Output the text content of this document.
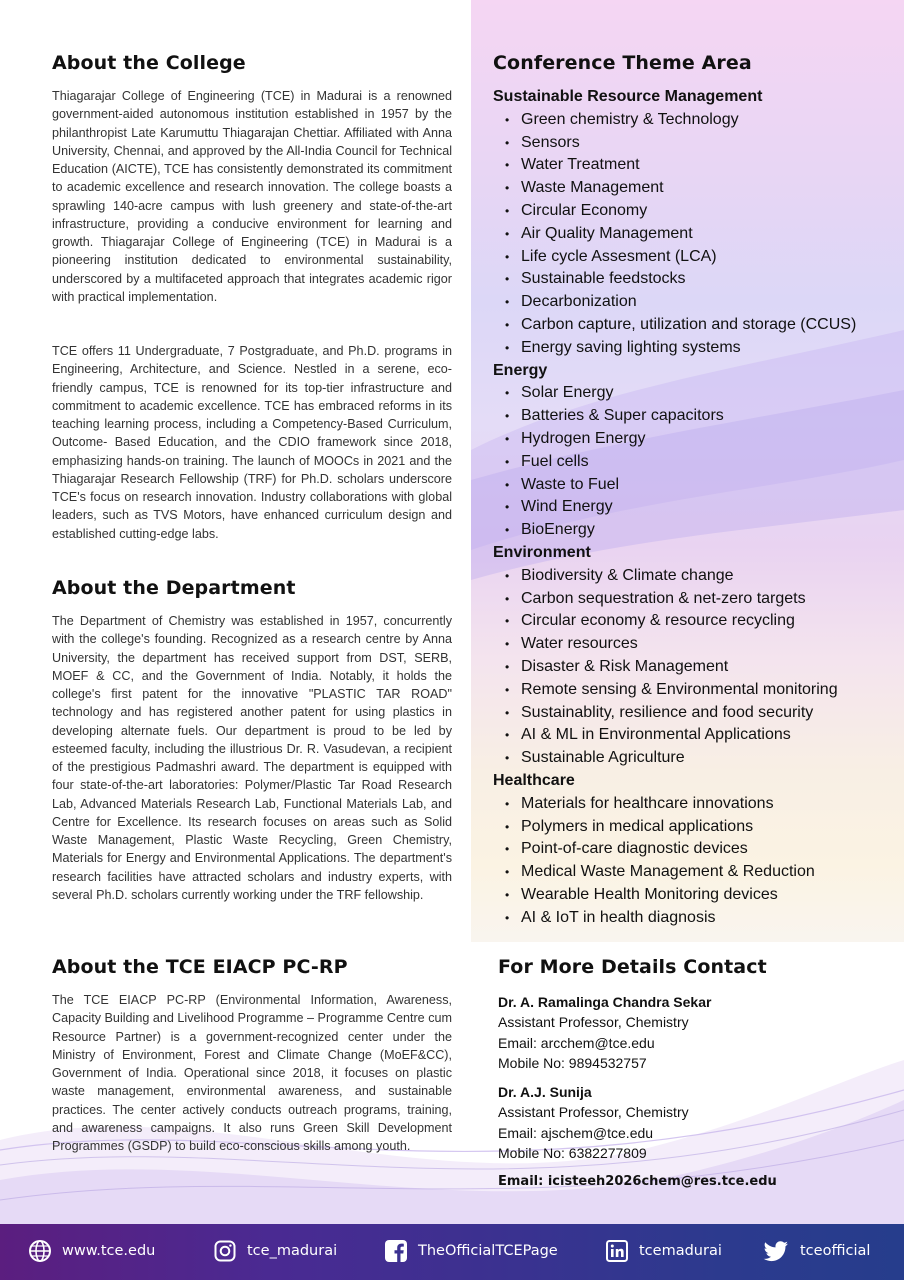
About the College

Thiagarajar College of Engineering (TCE) in Madurai is a renowned government-aided autonomous institution established in 1957 by the philanthropist Late Karumuttu Thiagarajan Chettiar. Affiliated with Anna University, Chennai, and approved by the All-India Council for Technical Education (AICTE), TCE has consistently demonstrated its commitment to academic excellence and research innovation. The college boasts a sprawling 140-acre campus with lush greenery and state-of-the-art infrastructure, providing a conducive environment for learning and growth. Thiagarajar College of Engineering (TCE) in Madurai is a pioneering institution dedicated to environmental sustainability, underscored by a multifaceted approach that integrates academic rigor with practical implementation.

TCE offers 11 Undergraduate, 7 Postgraduate, and Ph.D. programs in Engineering, Architecture, and Science. Nestled in a serene, eco-friendly campus, TCE is renowned for its top-tier infrastructure and commitment to academic excellence. TCE has embraced reforms in its teaching learning process, including a Competency-Based Curriculum, Outcome- Based Education, and the CDIO framework since 2018, emphasizing hands-on training. The launch of MOOCs in 2021 and the Thiagarajar Research Fellowship (TRF) for Ph.D. scholars underscore TCE's focus on research innovation. Industry collaborations with global leaders, such as TVS Motors, have enhanced curriculum design and established cutting-edge labs.

About the Department

The Department of Chemistry was established in 1957, concurrently with the college's founding. Recognized as a research centre by Anna University, the department has received support from DST, SERB, MOEF & CC, and the Government of India. Notably, it holds the college's first patent for the innovative "PLASTIC TAR ROAD" technology and has registered another patent for using plastics in developing alternate fuels. Our department is proud to be led by esteemed faculty, including the illustrious Dr. R. Vasudevan, a recipient of the prestigious Padmashri award. The department is equipped with four state-of-the-art laboratories: Polymer/Plastic Tar Road Research Lab, Advanced Materials Research Lab, Functional Materials Lab, and Centre for Excellence. Its research focuses on areas such as Solid Waste Management, Plastic Waste Recycling, Green Chemistry, Materials for Energy and Environmental Applications. The department's research facilities have attracted scholars and industry experts, with several Ph.D. scholars currently working under the TRF fellowship.

About the TCE EIACP PC-RP

The TCE EIACP PC-RP (Environmental Information, Awareness, Capacity Building and Livelihood Programme – Programme Centre cum Resource Partner) is a government-recognized center under the Ministry of Environment, Forest and Climate Change (MoEF&CC), Government of India. Operational since 2018, it focuses on plastic waste management, environmental awareness, and sustainable practices. The center actively conducts outreach programs, training, and awareness campaigns. It also runs Green Skill Development Programmes (GSDP) to build eco-conscious skills among youth.

Conference Theme Area
Sustainable Resource Management
• Green chemistry & Technology
• Sensors
• Water Treatment
• Waste Management
• Circular Economy
• Air Quality Management
• Life cycle Assesment (LCA)
• Sustainable feedstocks
• Decarbonization
• Carbon capture, utilization and storage (CCUS)
• Energy saving lighting systems
Energy
• Solar Energy
• Batteries & Super capacitors
• Hydrogen Energy
• Fuel cells
• Waste to Fuel
• Wind Energy
• BioEnergy
Environment
• Biodiversity & Climate change
• Carbon sequestration & net-zero targets
• Circular economy & resource recycling
• Water resources
• Disaster & Risk Management
• Remote sensing & Environmental monitoring
• Sustainablity, resilience and food security
• AI & ML in Environmental Applications
• Sustainable Agriculture
Healthcare
• Materials for healthcare innovations
• Polymers in medical applications
• Point-of-care diagnostic devices
• Medical Waste Management & Reduction
• Wearable Health Monitoring devices
• AI & IoT in health diagnosis
For More Details Contact
Dr. A. Ramalinga Chandra Sekar
Assistant Professor, Chemistry
Email: arcchem@tce.edu
Mobile No: 9894532757
Dr. A.J. Sunija
Assistant Professor, Chemistry
Email: ajschem@tce.edu
Mobile No: 6382277809
Email: icisteeh2026chem@res.tce.edu
www.tce.edu	tce_madurai	TheOfficialTCEPage	tcemadurai	tceofficial
